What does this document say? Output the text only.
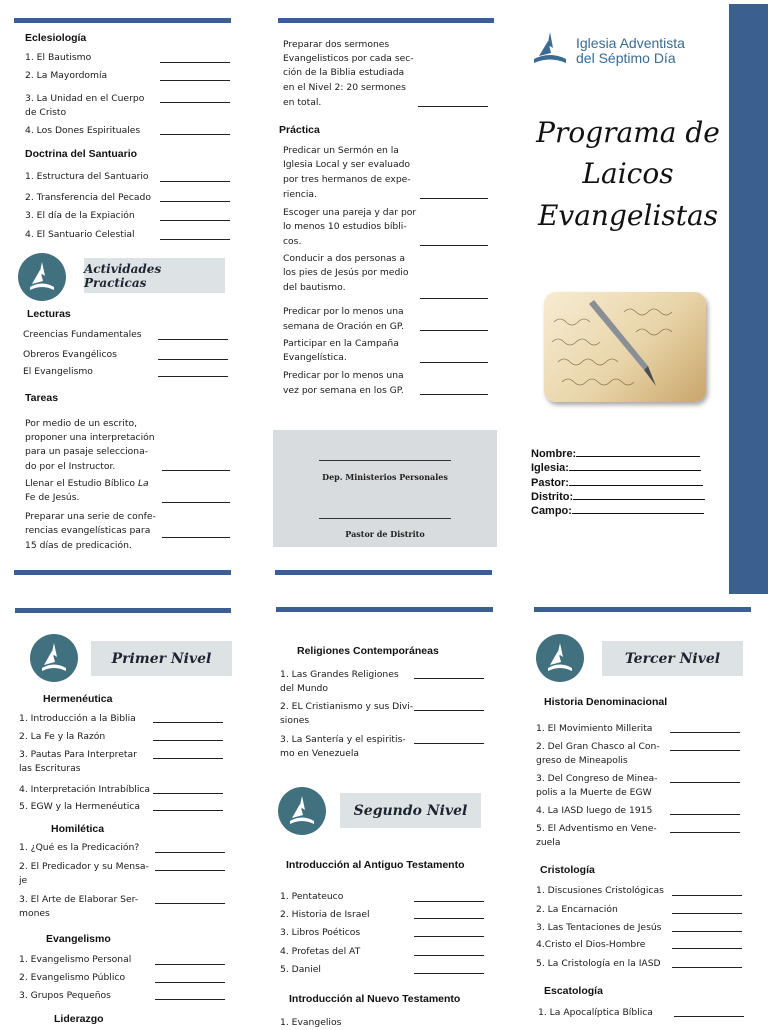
Eclesiología
1. El Bautismo
2. La Mayordomía
3. La Unidad en el Cuerpo
de Cristo
4. Los Dones Espirituales
Doctrina del Santuario
1. Estructura del Santuario
2. Transferencia del Pecado
3. El día de la Expiación
4. El Santuario Celestial
Actividades Practicas
Lecturas
Creencias Fundamentales
Obreros Evangélicos
El Evangelismo
Tareas
Por medio de un escrito,
proponer una interpretación
para un pasaje selecciona-
do por el Instructor.
Llenar el Estudio Bíblico La
Fe de Jesús.
Preparar una serie de confe-
rencias evangelísticas para
15 días de predicación.
Preparar dos sermones
Evangelisticos por cada sec-
ción de la Biblia estudiada
en el Nivel 2: 20 sermones
en total.
Práctica
Predicar un Sermón en la
Iglesia Local y ser evaluado
por tres hermanos de expe-
riencia.
Escoger una pareja y dar por
lo menos 10 estudios bíbli-
cos.
Conducir a dos personas a
los pies de Jesús por medio
del bautismo.
Predicar por lo menos una
semana de Oración en GP.
Participar en la Campaña
Evangelística.
Predicar por lo menos una
vez por semana en los GP.
Dep. Ministerios Personales
Pastor de Distrito
Iglesia Adventista
del Séptimo Día
Programa de
Laicos
Evangelistas
Nombre:
Iglesia:
Pastor:
Distrito:
Campo:
Primer Nivel
Hermenéutica
1. Introducción a la Biblia
2. La Fe y la Razón
3. Pautas Para Interpretar
las Escrituras
4. Interpretación Intrabíblica
5. EGW y la Hermenéutica
Homilética
1. ¿Qué es la Predicación?
2. El Predicador y su Mensa-
je
3. El Arte de Elaborar Ser-
mones
Evangelismo
1. Evangelismo Personal
2. Evangelismo Público
3. Grupos Pequeños
Liderazgo
Religiones Contemporáneas
1. Las Grandes Religiones
del Mundo
2. EL Cristianismo y sus Divi-
siones
3. La Santería y el espiritis-
mo en Venezuela
Segundo Nivel
Introducción al Antiguo Testamento
1. Pentateuco
2. Historia de Israel
3. Libros Poéticos
4. Profetas del AT
5. Daniel
Introducción al Nuevo Testamento
1. Evangelios
Tercer Nivel
Historia Denominacional
1. El Movimiento Millerita
2. Del Gran Chasco al Con-
greso de Mineapolis
3. Del Congreso de Minea-
polis a la Muerte de EGW
4. La IASD luego de 1915
5. El Adventismo en Vene-
zuela
Cristología
1. Discusiones Cristológicas
2. La Encarnación
3. Las Tentaciones de Jesús
4.Cristo el Dios-Hombre
5. La Cristología en la IASD
Escatología
1. La Apocalíptica Bíblica
